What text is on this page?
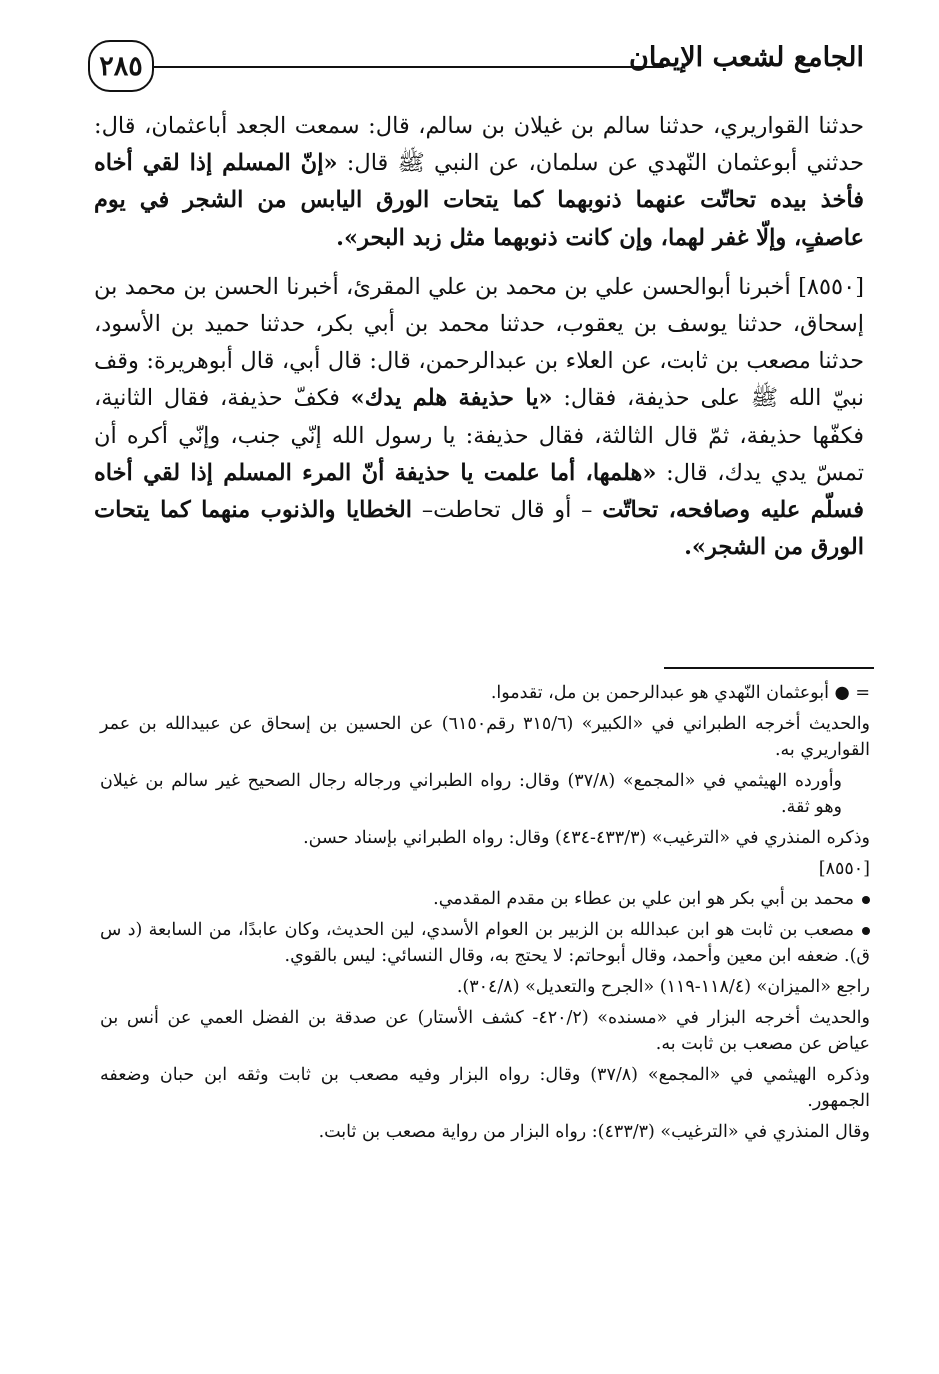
٢٨٥	الجامع لشعب الإيمان

حدثنا القواريري، حدثنا سالم بن غيلان بن سالم، قال: سمعت الجعد أباعثمان، قال: حدثني أبوعثمان النّهدي عن سلمان، عن النبي ﷺ قال: «إنّ المسلم إذا لقي أخاه فأخذ بيده تحاتّت عنهما ذنوبهما كما يتحات الورق اليابس من الشجر في يوم عاصفٍ، وإلّا غفر لهما، وإن كانت ذنوبهما مثل زبد البحر».

[٨٥٥٠] أخبرنا أبوالحسن علي بن محمد بن علي المقرئ، أخبرنا الحسن بن محمد بن إسحاق، حدثنا يوسف بن يعقوب، حدثنا محمد بن أبي بكر، حدثنا حميد بن الأسود، حدثنا مصعب بن ثابت، عن العلاء بن عبدالرحمن، قال: قال أبي، قال أبوهريرة: وقف نبيّ الله ﷺ على حذيفة، فقال: «يا حذيفة هلم يدك» فكفّ حذيفة، فقال الثانية، فكفّها حذيفة، ثمّ قال الثالثة، فقال حذيفة: يا رسول الله إنّي جنب، وإنّي أكره أن تمسّ يدي يدك، قال: «هلمها، أما علمت يا حذيفة أنّ المرء المسلم إذا لقي أخاه فسلّم عليه وصافحه، تحاتّت – أو قال تحاطت– الخطايا والذنوب منهما كما يتحات الورق من الشجر».

= ● أبوعثمان النّهدي هو عبدالرحمن بن مل، تقدموا.

والحديث أخرجه الطبراني في «الكبير» (٣١٥/٦ رقم٦١٥٠) عن الحسين بن إسحاق عن عبيدالله بن عمر القواريري به.

وأورده الهيثمي في «المجمع» (٣٧/٨) وقال: رواه الطبراني ورجاله رجال الصحيح غير سالم بن غيلان وهو ثقة.

وذكره المنذري في «الترغيب» (٤٣٣/٣-٤٣٤) وقال: رواه الطبراني بإسناد حسن.

[٨٥٥٠]

محمد بن أبي بكر هو ابن علي بن عطاء بن مقدم المقدمي.

مصعب بن ثابت هو ابن عبدالله بن الزبير بن العوام الأسدي، لين الحديث، وكان عابدًا، من السابعة (د س ق). ضعفه ابن معين وأحمد، وقال أبوحاتم: لا يحتج به، وقال النسائي: ليس بالقوي.

راجع «الميزان» (١١٨/٤-١١٩) «الجرح والتعديل» (٣٠٤/٨).

والحديث أخرجه البزار في «مسنده» (٤٢٠/٢- كشف الأستار) عن صدقة بن الفضل العمي عن أنس بن عياض عن مصعب بن ثابت به.

وذكره الهيثمي في «المجمع» (٣٧/٨) وقال: رواه البزار وفيه مصعب بن ثابت وثقه ابن حبان وضعفه الجمهور.

وقال المنذري في «الترغيب» (٤٣٣/٣): رواه البزار من رواية مصعب بن ثابت.
